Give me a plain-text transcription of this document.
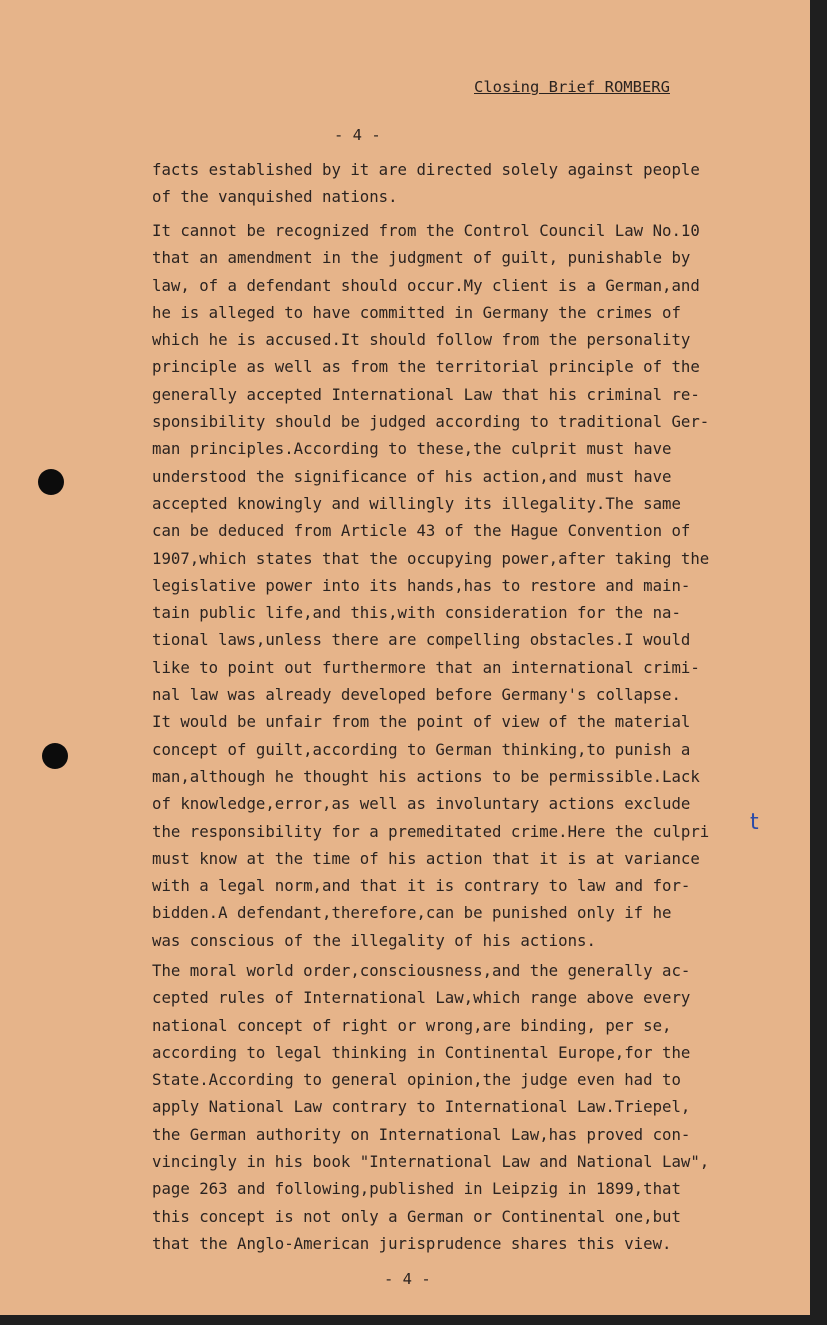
Closing Brief ROMBERG
- 4 -
facts established by it are directed solely against people
of the vanquished nations.
It cannot be recognized from the Control Council Law No.10
that an amendment in the judgment of guilt, punishable by
law, of a defendant should occur.My client is a German,and
he is alleged to have committed in Germany the crimes of
which he is accused.It should follow from the personality
principle as well as from the territorial principle of the
generally accepted International Law that his criminal re-
sponsibility should be judged according to traditional Ger-
man principles.According to these,the culprit must have
understood the significance of his action,and must have
accepted knowingly and willingly its illegality.The same
can be deduced from Article 43 of the Hague Convention of
1907,which states that the occupying power,after taking the
legislative power into its hands,has to restore and main-
tain public life,and this,with consideration for the na-
tional laws,unless there are compelling obstacles.I would
like to point out furthermore that an international crimi-
nal law was already developed before Germany's collapse.
It would be unfair from the point of view of the material
concept of guilt,according to German thinking,to punish a
man,although he thought his actions to be permissible.Lack
of knowledge,error,as well as involuntary actions exclude
the responsibility for a premeditated crime.Here the culpri
must know at the time of his action that it is at variance
with a legal norm,and that it is contrary to law and for-
bidden.A defendant,therefore,can be punished only if he
was conscious of the illegality of his actions.
The moral world order,consciousness,and the generally ac-
cepted rules of International Law,which range above every
national concept of right or wrong,are binding, per se,
according to legal thinking in Continental Europe,for the
State.According to general opinion,the judge even had to
apply National Law contrary to International Law.Triepel,
the German authority on International Law,has proved con-
vincingly in his book "International Law and National Law",
page 263 and following,published in Leipzig in 1899,that
this concept is not only a German or Continental one,but
that the Anglo-American jurisprudence shares this view.
t
- 4 -
